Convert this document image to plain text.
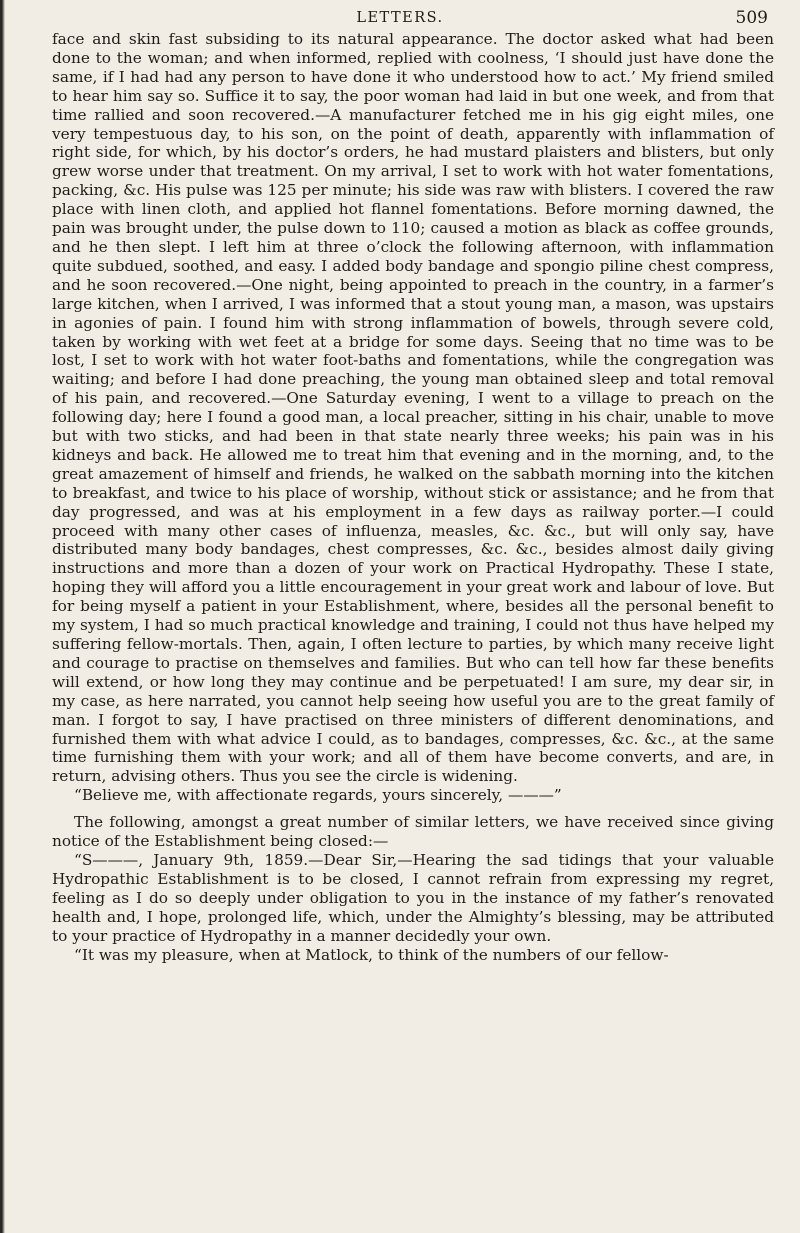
LETTERS.	509

face and skin fast subsiding to its natural appearance. The doctor asked what had been done to the woman; and when informed, replied with coolness, ‘I should just have done the same, if I had had any person to have done it who understood how to act.’ My friend smiled to hear him say so. Suffice it to say, the poor woman had laid in but one week, and from that time rallied and soon recovered.—A manufacturer fetched me in his gig eight miles, one very tempestuous day, to his son, on the point of death, apparently with inflammation of right side, for which, by his doctor’s orders, he had mustard plaisters and blisters, but only grew worse under that treatment. On my arrival, I set to work with hot water fomentations, packing, &c. His pulse was 125 per minute; his side was raw with blisters. I covered the raw place with linen cloth, and applied hot flannel fomentations. Before morning dawned, the pain was brought under, the pulse down to 110; caused a motion as black as coffee grounds, and he then slept. I left him at three o’clock the following afternoon, with inflammation quite subdued, soothed, and easy. I added body bandage and spongio piline chest compress, and he soon recovered.—One night, being appointed to preach in the country, in a farmer’s large kitchen, when I arrived, I was informed that a stout young man, a mason, was upstairs in agonies of pain. I found him with strong inflammation of bowels, through severe cold, taken by working with wet feet at a bridge for some days. Seeing that no time was to be lost, I set to work with hot water foot-baths and fomentations, while the congregation was waiting; and before I had done preaching, the young man obtained sleep and total removal of his pain, and recovered.—One Saturday evening, I went to a village to preach on the following day; here I found a good man, a local preacher, sitting in his chair, unable to move but with two sticks, and had been in that state nearly three weeks; his pain was in his kidneys and back. He allowed me to treat him that evening and in the morning, and, to the great amazement of himself and friends, he walked on the sabbath morning into the kitchen to breakfast, and twice to his place of worship, without stick or assistance; and he from that day progressed, and was at his employment in a few days as railway porter.—I could proceed with many other cases of influenza, measles, &c. &c., but will only say, have distributed many body bandages, chest compresses, &c. &c., besides almost daily giving instructions and more than a dozen of your work on Practical Hydropathy. These I state, hoping they will afford you a little encouragement in your great work and labour of love. But for being myself a patient in your Establishment, where, besides all the personal benefit to my system, I had so much practical knowledge and training, I could not thus have helped my suffering fellow-mortals. Then, again, I often lecture to parties, by which many receive light and courage to practise on themselves and families. But who can tell how far these benefits will extend, or how long they may continue and be perpetuated! I am sure, my dear sir, in my case, as here narrated, you cannot help seeing how useful you are to the great family of man. I forgot to say, I have practised on three ministers of different denominations, and furnished them with what advice I could, as to bandages, compresses, &c. &c., at the same time furnishing them with your work; and all of them have become converts, and are, in return, advising others. Thus you see the circle is widening.

“Believe me, with affectionate regards, yours sincerely, ———”

The following, amongst a great number of similar letters, we have received since giving notice of the Establishment being closed:—

“S———, January 9th, 1859.—Dear Sir,—Hearing the sad tidings that your valuable Hydropathic Establishment is to be closed, I cannot refrain from expressing my regret, feeling as I do so deeply under obligation to you in the instance of my father’s renovated health and, I hope, prolonged life, which, under the Almighty’s blessing, may be attributed to your practice of Hydropathy in a manner decidedly your own.

“It was my pleasure, when at Matlock, to think of the numbers of our fellow-
